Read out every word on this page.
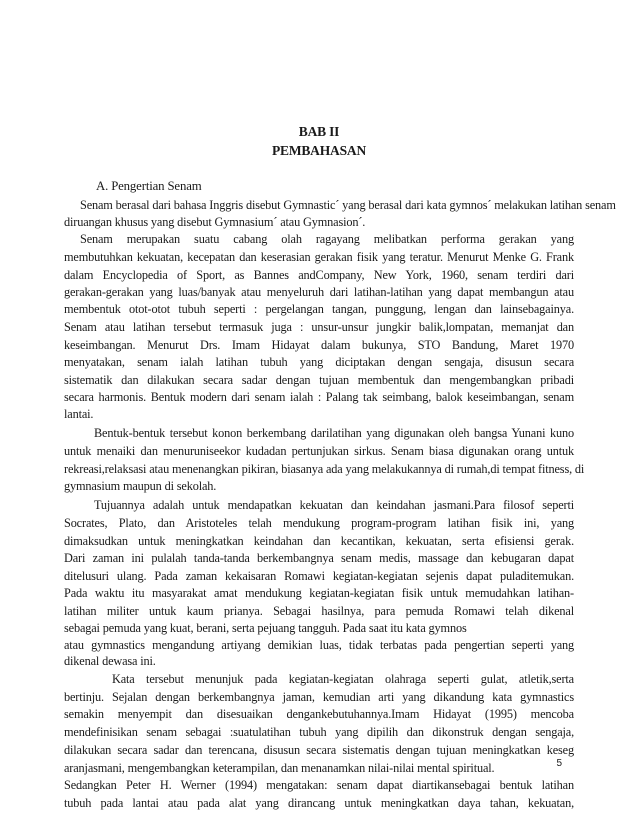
BAB II
PEMBAHASAN
A. Pengertian Senam
Senam berasal dari bahasa Inggris disebut Gymnastic´ yang berasal dari kata gymnos´ melakukan latihan senam
diruangan khusus yang disebut Gymnasium´ atau Gymnasion´.
Senam merupakan suatu cabang olah ragayang melibatkan performa gerakan yang
membutuhkan kekuatan, kecepatan dan keserasian gerakan fisik yang teratur. Menurut Menke G. Frank
dalam Encyclopedia of Sport, as Bannes andCompany, New York, 1960, senam terdiri dari
gerakan-gerakan yang luas/banyak atau menyeluruh dari latihan-latihan yang dapat membangun atau
membentuk otot-otot tubuh seperti : pergelangan tangan, punggung, lengan dan lainsebagainya.
Senam atau latihan tersebut termasuk juga : unsur-unsur jungkir balik,lompatan, memanjat dan
keseimbangan. Menurut Drs. Imam Hidayat dalam bukunya, STO Bandung, Maret 1970
menyatakan, senam ialah latihan tubuh yang diciptakan dengan sengaja, disusun secara
sistematik dan dilakukan secara sadar dengan tujuan membentuk dan mengembangkan pribadi
secara harmonis. Bentuk modern dari senam ialah : Palang tak seimbang, balok keseimbangan, senam
lantai.
Bentuk-bentuk tersebut konon berkembang darilatihan yang digunakan oleh bangsa Yunani kuno
untuk menaiki dan menuruniseekor kudadan pertunjukan sirkus. Senam biasa digunakan orang untuk
rekreasi,relaksasi atau menenangkan pikiran, biasanya ada yang melakukannya di rumah,di tempat fitness, di
gymnasium maupun di sekolah.
Tujuannya adalah untuk mendapatkan kekuatan dan keindahan jasmani.Para filosof seperti
Socrates, Plato, dan Aristoteles telah mendukung program-program latihan fisik ini, yang
dimaksudkan untuk meningkatkan keindahan dan kecantikan, kekuatan, serta efisiensi gerak.
Dari zaman ini pulalah tanda-tanda berkembangnya senam medis, massage dan kebugaran dapat
ditelusuri ulang. Pada zaman kekaisaran Romawi kegiatan-kegiatan sejenis dapat puladitemukan.
Pada waktu itu masyarakat amat mendukung kegiatan-kegiatan fisik untuk memudahkan latihan-
latihan militer untuk kaum prianya. Sebagai hasilnya, para pemuda Romawi telah dikenal
sebagai pemuda yang kuat, berani, serta pejuang tangguh. Pada saat itu kata gymnos
atau gymnastics mengandung artiyang demikian luas, tidak terbatas pada pengertian seperti yang
dikenal dewasa ini.
Kata tersebut menunjuk pada kegiatan-kegiatan olahraga seperti gulat, atletik,serta
bertinju. Sejalan dengan berkembangnya jaman, kemudian arti yang dikandung kata gymnastics
semakin menyempit dan disesuaikan dengankebutuhannya.Imam Hidayat (1995) mencoba
mendefinisikan senam sebagai :suatulatihan tubuh yang dipilih dan dikonstruk dengan sengaja,
dilakukan secara sadar dan terencana, disusun secara sistematis dengan tujuan meningkatkan keseg
aranjasmani, mengembangkan keterampilan, dan menanamkan nilai-nilai mental spiritual.
Sedangkan Peter H. Werner (1994) mengatakan: senam dapat diartikansebagai bentuk latihan
tubuh pada lantai atau pada alat yang dirancang untuk meningkatkan daya tahan, kekuatan,
5
